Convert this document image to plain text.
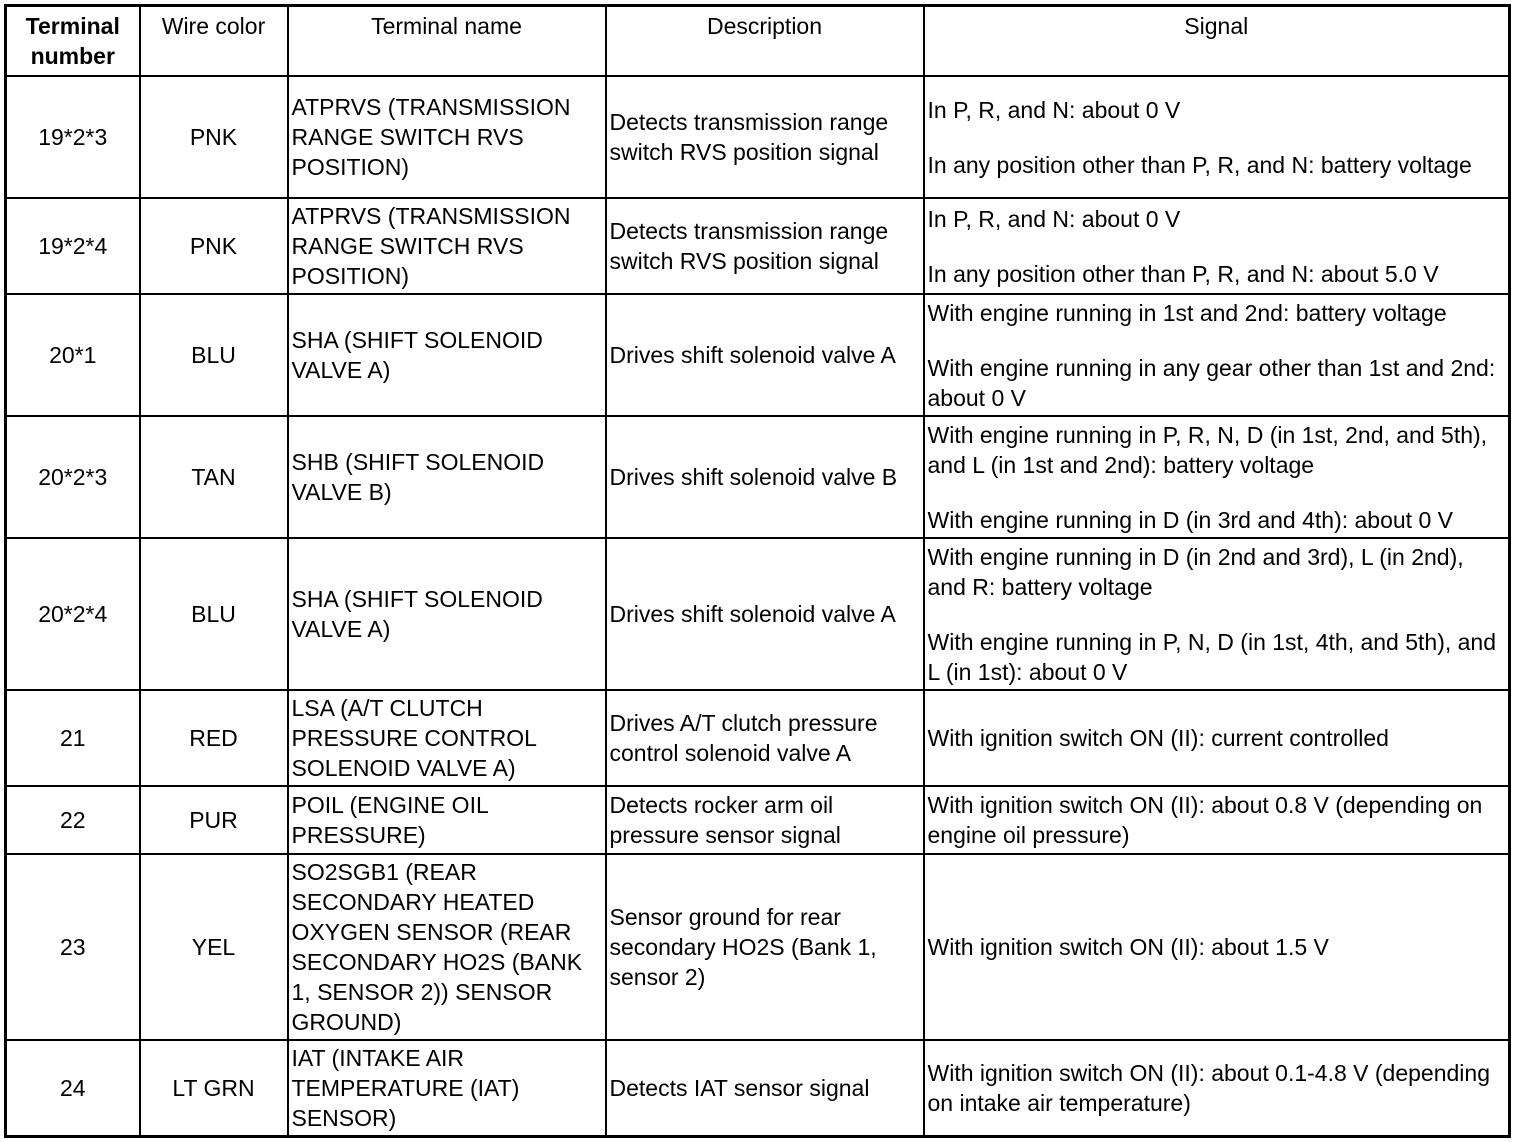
Terminal number	Wire color	Terminal name	Description	Signal
19*2*3	PNK	ATPRVS (TRANSMISSION RANGE SWITCH RVS POSITION)	Detects transmission range switch RVS position signal	In P, R, and N: about 0 V
In any position other than P, R, and N: battery voltage

19*2*4	PNK	ATPRVS (TRANSMISSION RANGE SWITCH RVS POSITION)	Detects transmission range switch RVS position signal	In P, R, and N: about 0 V
In any position other than P, R, and N: about 5.0 V

20*1	BLU	SHA (SHIFT SOLENOID VALVE A)	Drives shift solenoid valve A	With engine running in 1st and 2nd: battery voltage
With engine running in any gear other than 1st and 2nd: about 0 V

20*2*3	TAN	SHB (SHIFT SOLENOID VALVE B)	Drives shift solenoid valve B	With engine running in P, R, N, D (in 1st, 2nd, and 5th), and L (in 1st and 2nd): battery voltage
With engine running in D (in 3rd and 4th): about 0 V

20*2*4	BLU	SHA (SHIFT SOLENOID VALVE A)	Drives shift solenoid valve A	With engine running in D (in 2nd and 3rd), L (in 2nd), and R: battery voltage
With engine running in P, N, D (in 1st, 4th, and 5th), and L (in 1st): about 0 V

21	RED	LSA (A/T CLUTCH PRESSURE CONTROL SOLENOID VALVE A)	Drives A/T clutch pressure control solenoid valve A	With ignition switch ON (II): current controlled

22	PUR	POIL (ENGINE OIL PRESSURE)	Detects rocker arm oil pressure sensor signal	With ignition switch ON (II): about 0.8 V (depending on engine oil pressure)

23	YEL	SO2SGB1 (REAR SECONDARY HEATED OXYGEN SENSOR (REAR SECONDARY HO2S (BANK 1, SENSOR 2)) SENSOR GROUND)	Sensor ground for rear secondary HO2S (Bank 1, sensor 2)	With ignition switch ON (II): about 1.5 V

24	LT GRN	IAT (INTAKE AIR TEMPERATURE (IAT) SENSOR)	Detects IAT sensor signal	With ignition switch ON (II): about 0.1-4.8 V (depending on intake air temperature)
